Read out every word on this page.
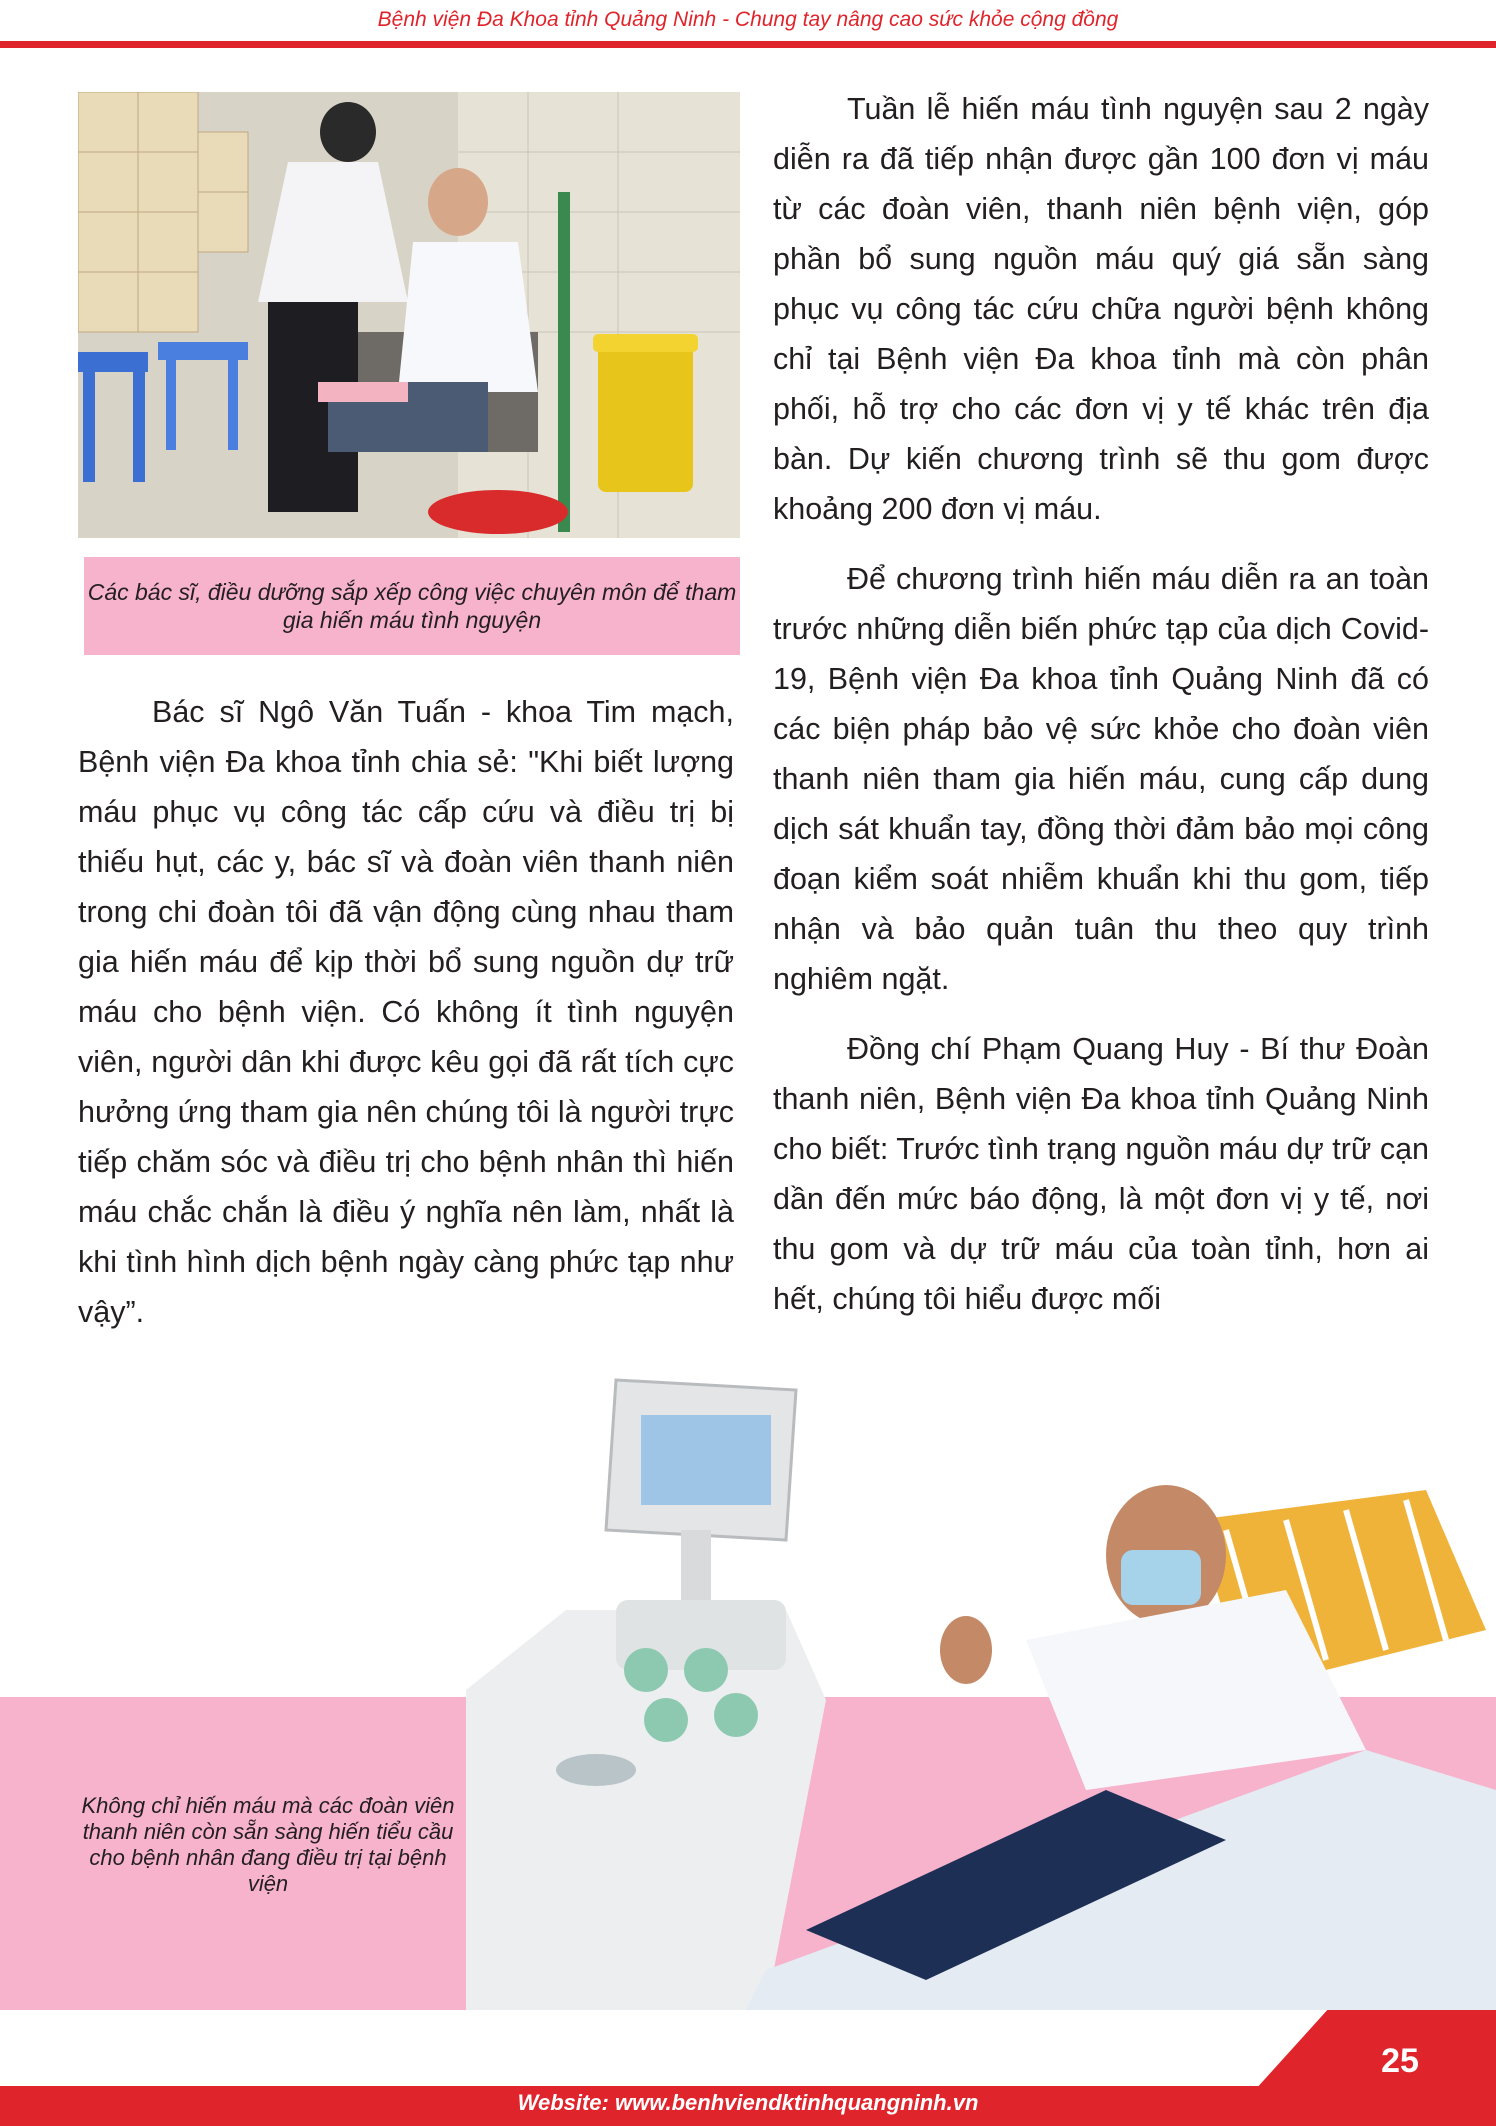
Bệnh viện Đa Khoa tỉnh Quảng Ninh - Chung tay nâng cao sức khỏe cộng đồng
Các bác sĩ, điều dưỡng sắp xếp công việc chuyên môn để tham gia hiến máu tình nguyện

Bác sĩ Ngô Văn Tuấn - khoa Tim mạch, Bệnh viện Đa khoa tỉnh chia sẻ: "Khi biết lượng máu phục vụ công tác cấp cứu và điều trị bị thiếu hụt, các y, bác sĩ và đoàn viên thanh niên trong chi đoàn tôi đã vận động cùng nhau tham gia hiến máu để kịp thời bổ sung nguồn dự trữ máu cho bệnh viện. Có không ít tình nguyện viên, người dân khi được kêu gọi đã rất tích cực hưởng ứng tham gia nên chúng tôi là người trực tiếp chăm sóc và điều trị cho bệnh nhân thì hiến máu chắc chắn là điều ý nghĩa nên làm, nhất là khi tình hình dịch bệnh ngày càng phức tạp như vậy”.

Tuần lễ hiến máu tình nguyện sau 2 ngày diễn ra đã tiếp nhận được gần 100 đơn vị máu từ các đoàn viên, thanh niên bệnh viện, góp phần bổ sung nguồn máu quý giá sẵn sàng phục vụ công tác cứu chữa người bệnh không chỉ tại Bệnh viện Đa khoa tỉnh mà còn phân phối, hỗ trợ cho các đơn vị y tế khác trên địa bàn. Dự kiến chương trình sẽ thu gom được khoảng 200 đơn vị máu.

Để chương trình hiến máu diễn ra an toàn trước những diễn biến phức tạp của dịch Covid-19, Bệnh viện Đa khoa tỉnh Quảng Ninh đã có các biện pháp bảo vệ sức khỏe cho đoàn viên thanh niên tham gia hiến máu, cung cấp dung dịch sát khuẩn tay, đồng thời đảm bảo mọi công đoạn kiểm soát nhiễm khuẩn khi thu gom, tiếp nhận và bảo quản tuân thu theo quy trình nghiêm ngặt.

Đồng chí Phạm Quang Huy - Bí thư Đoàn thanh niên, Bệnh viện Đa khoa tỉnh Quảng Ninh cho biết: Trước tình trạng nguồn máu dự trữ cạn dần đến mức báo động, là một đơn vị y tế, nơi thu gom và dự trữ máu của toàn tỉnh, hơn ai hết, chúng tôi hiểu được mối

Không chỉ hiến máu mà các đoàn viên thanh niên còn sẵn sàng hiến tiểu cầu cho bệnh nhân đang điều trị tại bệnh viện
25
Website: www.benhviendktinhquangninh.vn
